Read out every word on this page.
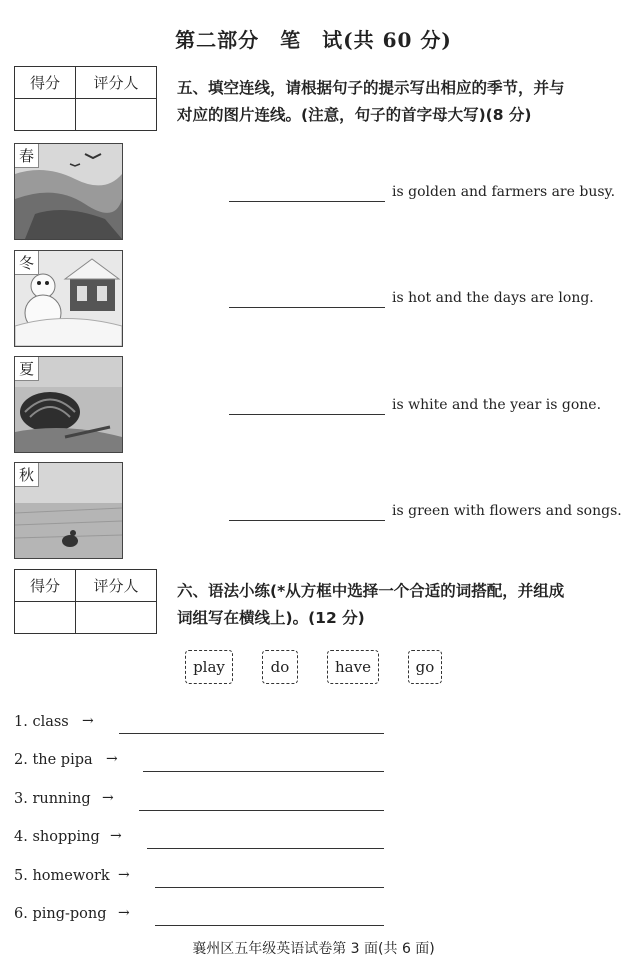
第二部分　笔　试(共 60 分)
得分	评分人
	五、填空连线，请根据句子的提示写出相应的季节，并与
对应的图片连线。(注意，句子的首字母大写)(8 分)
春
冬
夏
秋
is golden and farmers are busy.
is hot and the days are long.
is white and the year is gone.
is green with flowers and songs.
得分	评分人
	六、语法小练(*从方框中选择一个合适的词搭配，并组成
词组写在横线上)。(12 分)
play	do	have	go
1. class →
2. the pipa →
3. running →
4. shopping →
5. homework →
6. ping-pong →
襄州区五年级英语试卷第 3 面(共 6 面)
